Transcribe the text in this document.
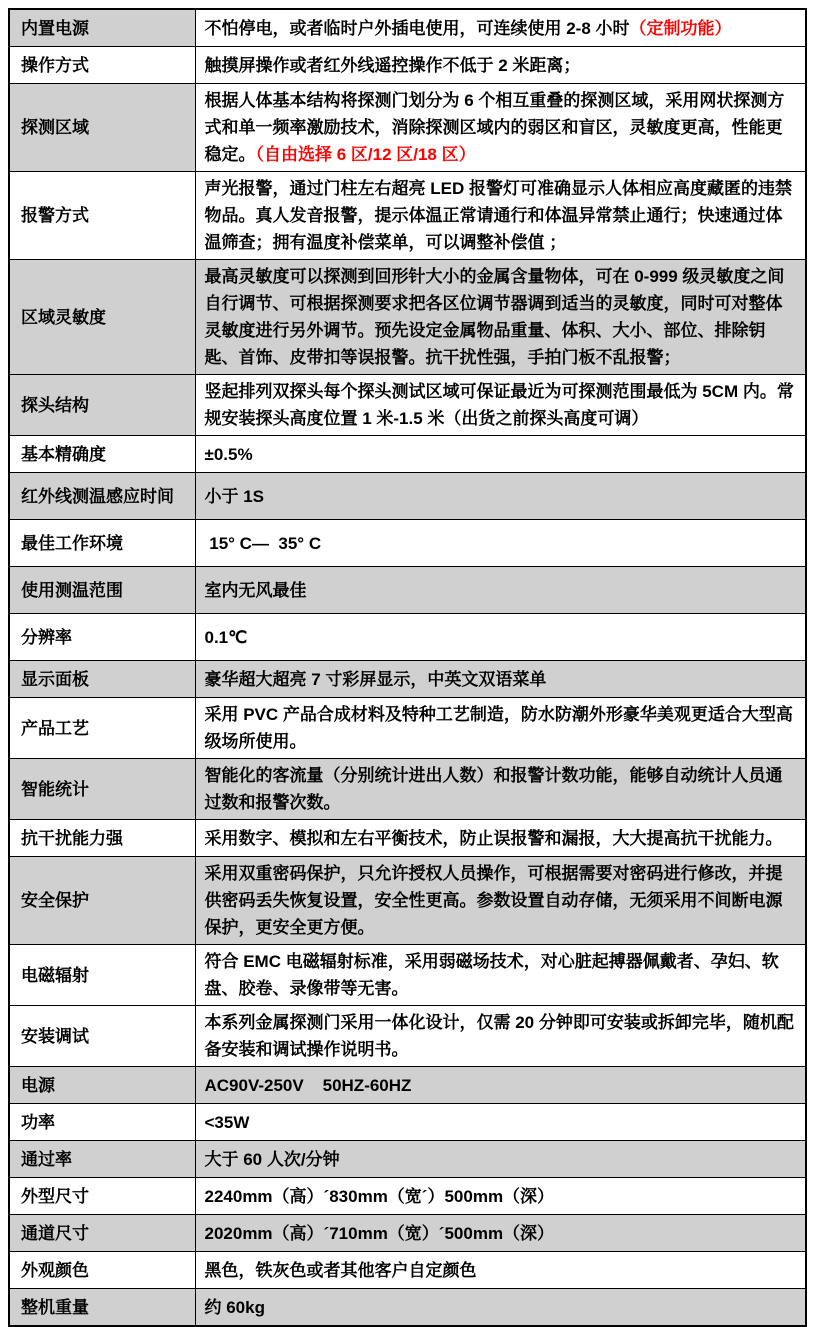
内置电源	不怕停电，或者临时户外插电使用，可连续使用 2-8 小时（定制功能）
操作方式	触摸屏操作或者红外线遥控操作不低于 2 米距离；
探测区域	根据人体基本结构将探测门划分为 6 个相互重叠的探测区域，采用网状探测方式和单一频率激励技术，消除探测区域内的弱区和盲区，灵敏度更高，性能更稳定。（自由选择 6 区/12 区/18 区）
报警方式	声光报警，通过门柱左右超亮 LED 报警灯可准确显示人体相应高度藏匿的违禁物品。真人发音报警，提示体温正常请通行和体温异常禁止通行；快速通过体温筛查；拥有温度补偿菜单，可以调整补偿值 ；
区域灵敏度	最高灵敏度可以探测到回形针大小的金属含量物体，可在 0-999 级灵敏度之间自行调节、可根据探测要求把各区位调节器调到适当的灵敏度，同时可对整体灵敏度进行另外调节。预先设定金属物品重量、体积、大小、部位、排除钥匙、首饰、皮带扣等误报警。抗干扰性强，手拍门板不乱报警；
探头结构	竖起排列双探头每个探头测试区域可保证最近为可探测范围最低为 5CM 内。常规安装探头高度位置 1 米-1.5 米（出货之前探头高度可调）
基本精确度	±0.5%
红外线测温感应时间	小于 1S
最佳工作环境	15° C—  35° C
使用测温范围	室内无风最佳
分辨率	0.1℃
显示面板	豪华超大超亮 7 寸彩屏显示，中英文双语菜单
产品工艺	采用 PVC 产品合成材料及特种工艺制造，防水防潮外形豪华美观更适合大型高级场所使用。
智能统计	智能化的客流量（分别统计进出人数）和报警计数功能，能够自动统计人员通过数和报警次数。
抗干扰能力强	采用数字、模拟和左右平衡技术，防止误报警和漏报，大大提高抗干扰能力。
安全保护	采用双重密码保护，只允许授权人员操作，可根据需要对密码进行修改，并提供密码丢失恢复设置，安全性更高。参数设置自动存储，无须采用不间断电源保护，更安全更方便。
电磁辐射	符合 EMC 电磁辐射标准，采用弱磁场技术，对心脏起搏器佩戴者、孕妇、软盘、胶卷、录像带等无害。
安装调试	本系列金属探测门采用一体化设计，仅需 20 分钟即可安装或拆卸完毕，随机配备安装和调试操作说明书。
电源	AC90V-250V    50HZ-60HZ
功率	<35W
通过率	大于 60 人次/分钟
外型尺寸	2240mm（高）´830mm（宽´）500mm（深）
通道尺寸	2020mm（高）´710mm（宽）´500mm（深）
外观颜色	黑色，铁灰色或者其他客户自定颜色
整机重量	约 60kg
